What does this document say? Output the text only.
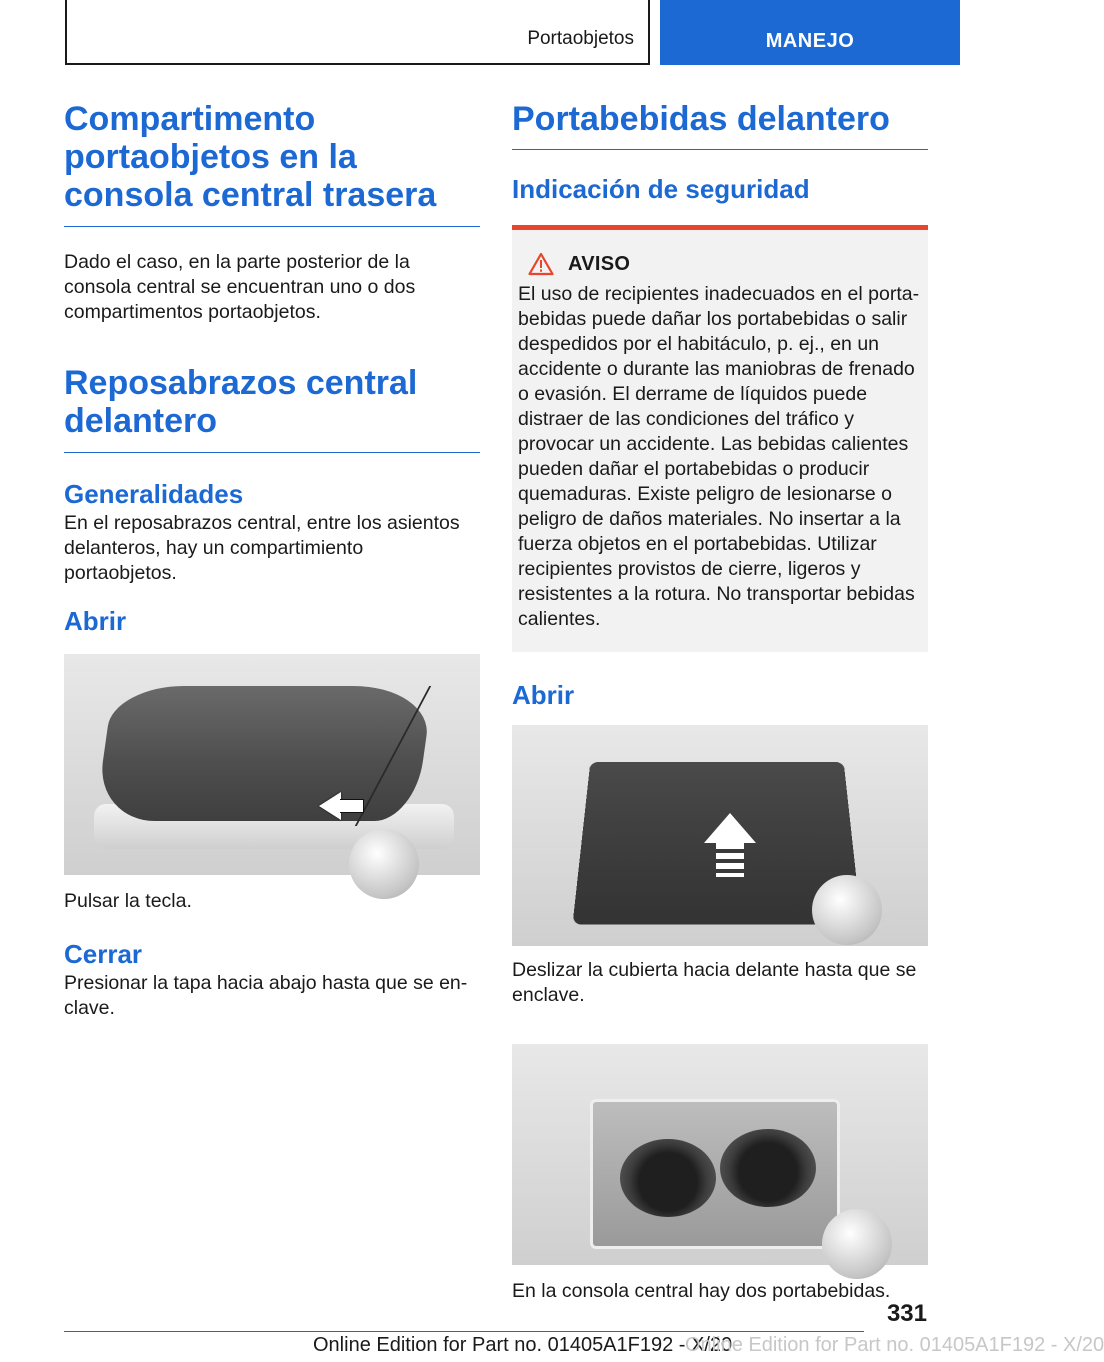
Portaobjetos	MANEJO
Compartimento portaobjetos en la consola central trasera

Dado el caso, en la parte posterior de la consola central se encuentran uno o dos compartimentos portaobjetos.

Reposabrazos central delantero
Generalidades

En el reposabrazos central, entre los asientos delanteros, hay un compartimiento portaobjetos.

Abrir

Pulsar la tecla.

Cerrar

Presionar la tapa hacia abajo hasta que se enclave.

Portabebidas delantero
Indicación de seguridad
AVISO

El uso de recipientes inadecuados en el portabebidas puede dañar los portabebidas o salir despedidos por el habitáculo, p. ej., en un accidente o durante las maniobras de frenado o evasión. El derrame de líquidos puede distraer de las condiciones del tráfico y provocar un accidente. Las bebidas calientes pueden dañar el portabebidas o producir quemaduras. Existe peligro de lesionarse o peligro de daños materiales. No insertar a la fuerza objetos en el portabebidas. Utilizar recipientes provistos de cierre, ligeros y resistentes a la rotura. No transportar bebidas calientes.

Abrir

Deslizar la cubierta hacia delante hasta que se enclave.

En la consola central hay dos portabebidas.

331
Online Edition for Part no. 01405A1F192 - X/20
Online Edition for Part no. 01405A1F192 - X/20
